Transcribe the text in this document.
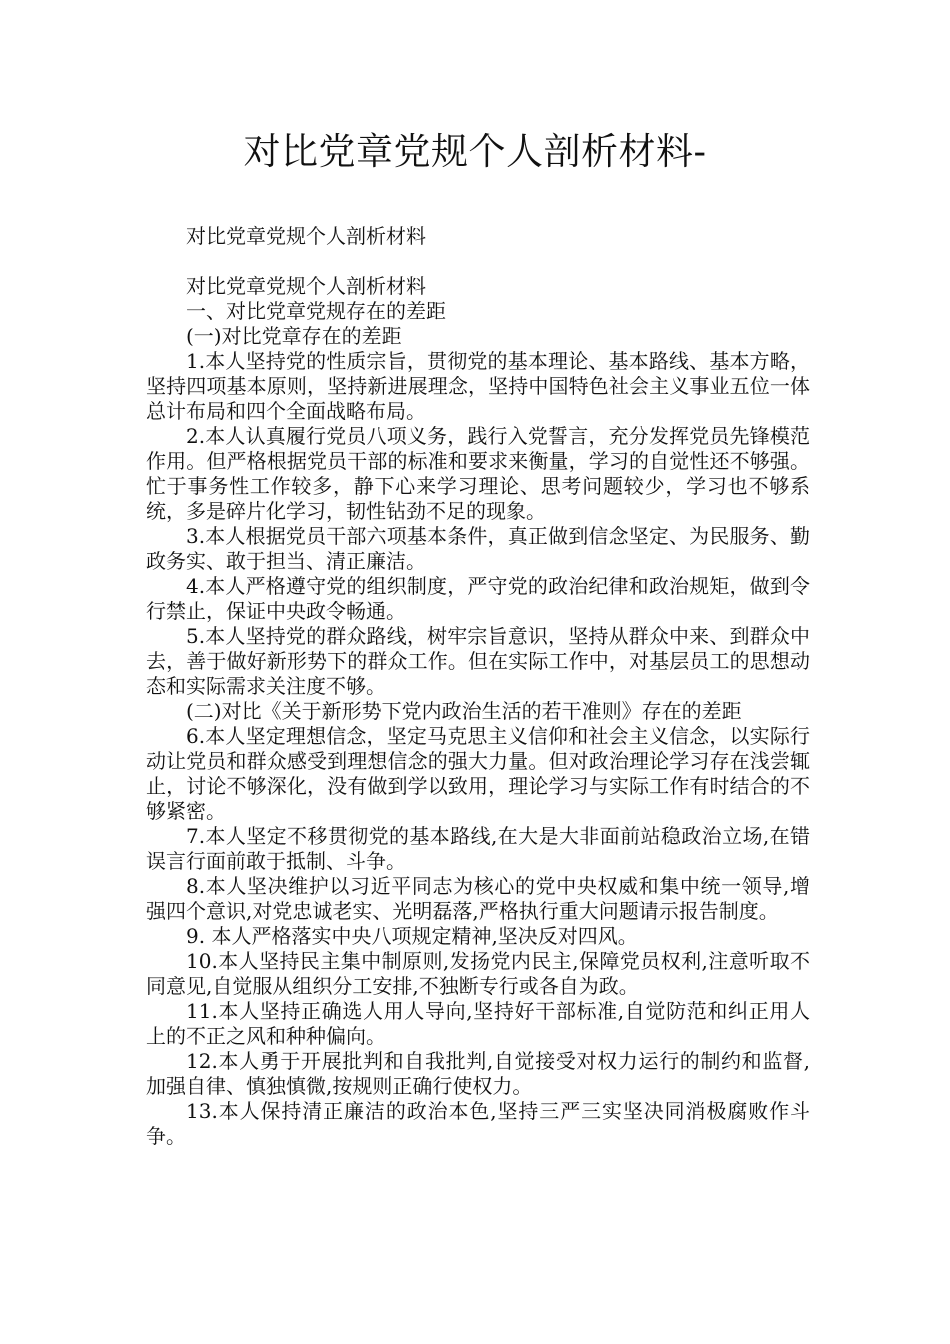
对比党章党规个人剖析材料-

对比党章党规个人剖析材料

对比党章党规个人剖析材料

一、对比党章党规存在的差距

(一)对比党章存在的差距

1.本人坚持党的性质宗旨，贯彻党的基本理论、基本路线、基本方略，坚持四项基本原则，坚持新进展理念，坚持中国特色社会主义事业五位一体总计布局和四个全面战略布局。

2.本人认真履行党员八项义务，践行入党誓言，充分发挥党员先锋模范作用。但严格根据党员干部的标准和要求来衡量，学习的自觉性还不够强。忙于事务性工作较多，静下心来学习理论、思考问题较少，学习也不够系统，多是碎片化学习，韧性钻劲不足的现象。

3.本人根据党员干部六项基本条件，真正做到信念坚定、为民服务、勤政务实、敢于担当、清正廉洁。

4.本人严格遵守党的组织制度，严守党的政治纪律和政治规矩，做到令行禁止，保证中央政令畅通。

5.本人坚持党的群众路线，树牢宗旨意识，坚持从群众中来、到群众中去，善于做好新形势下的群众工作。但在实际工作中，对基层员工的思想动态和实际需求关注度不够。

(二)对比《关于新形势下党内政治生活的若干准则》存在的差距

6.本人坚定理想信念，坚定马克思主义信仰和社会主义信念，以实际行动让党员和群众感受到理想信念的强大力量。但对政治理论学习存在浅尝辄止，讨论不够深化，没有做到学以致用，理论学习与实际工作有时结合的不够紧密。

7.本人坚定不移贯彻党的基本路线,在大是大非面前站稳政治立场,在错误言行面前敢于抵制、斗争。

8.本人坚决维护以习近平同志为核心的党中央权威和集中统一领导,增强四个意识,对党忠诚老实、光明磊落,严格执行重大问题请示报告制度。

9. 本人严格落实中央八项规定精神,坚决反对四风。

10.本人坚持民主集中制原则,发扬党内民主,保障党员权利,注意听取不同意见,自觉服从组织分工安排,不独断专行或各自为政。

11.本人坚持正确选人用人导向,坚持好干部标准,自觉防范和纠正用人上的不正之风和种种偏向。

12.本人勇于开展批判和自我批判,自觉接受对权力运行的制约和监督,加强自律、慎独慎微,按规则正确行使权力。

13.本人保持清正廉洁的政治本色,坚持三严三实坚决同消极腐败作斗争。
